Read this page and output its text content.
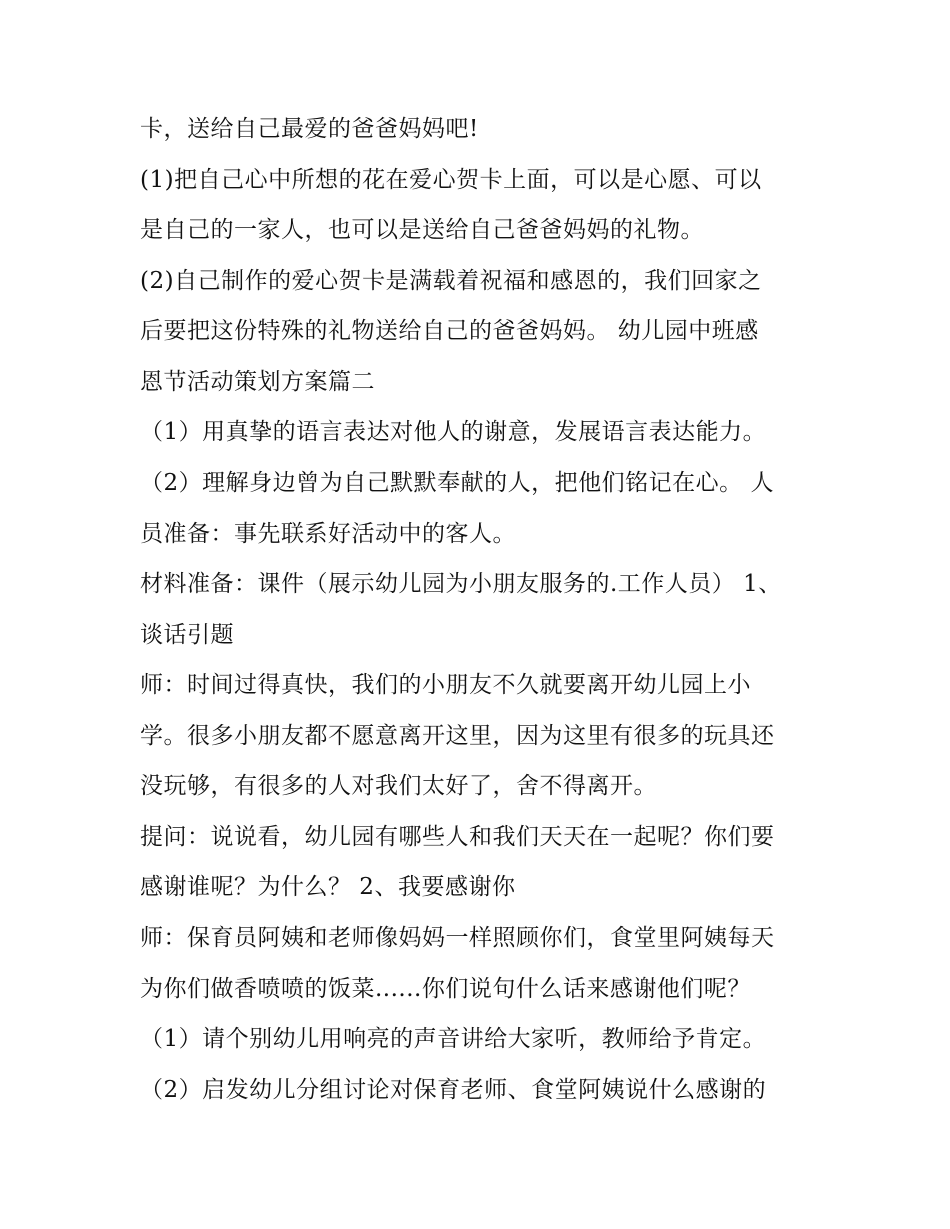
卡，送给自己最爱的爸爸妈妈吧!
(1)把自己心中所想的花在爱心贺卡上面，可以是心愿、可以
是自己的一家人，也可以是送给自己爸爸妈妈的礼物。
(2)自己制作的爱心贺卡是满载着祝福和感恩的，我们回家之
后要把这份特殊的礼物送给自己的爸爸妈妈。 幼儿园中班感
恩节活动策划方案篇二
（1）用真挚的语言表达对他人的谢意，发展语言表达能力。
（2）理解身边曾为自己默默奉献的人，把他们铭记在心。 人
员准备：事先联系好活动中的客人。
材料准备：课件（展示幼儿园为小朋友服务的.工作人员） 1、
谈话引题
师：时间过得真快，我们的小朋友不久就要离开幼儿园上小
学。很多小朋友都不愿意离开这里，因为这里有很多的玩具还
没玩够，有很多的人对我们太好了，舍不得离开。
提问：说说看，幼儿园有哪些人和我们天天在一起呢？你们要
感谢谁呢？为什么？ 2、我要感谢你
师：保育员阿姨和老师像妈妈一样照顾你们，食堂里阿姨每天
为你们做香喷喷的饭菜......你们说句什么话来感谢他们呢？
（1）请个别幼儿用响亮的声音讲给大家听，教师给予肯定。
（2）启发幼儿分组讨论对保育老师、食堂阿姨说什么感谢的
